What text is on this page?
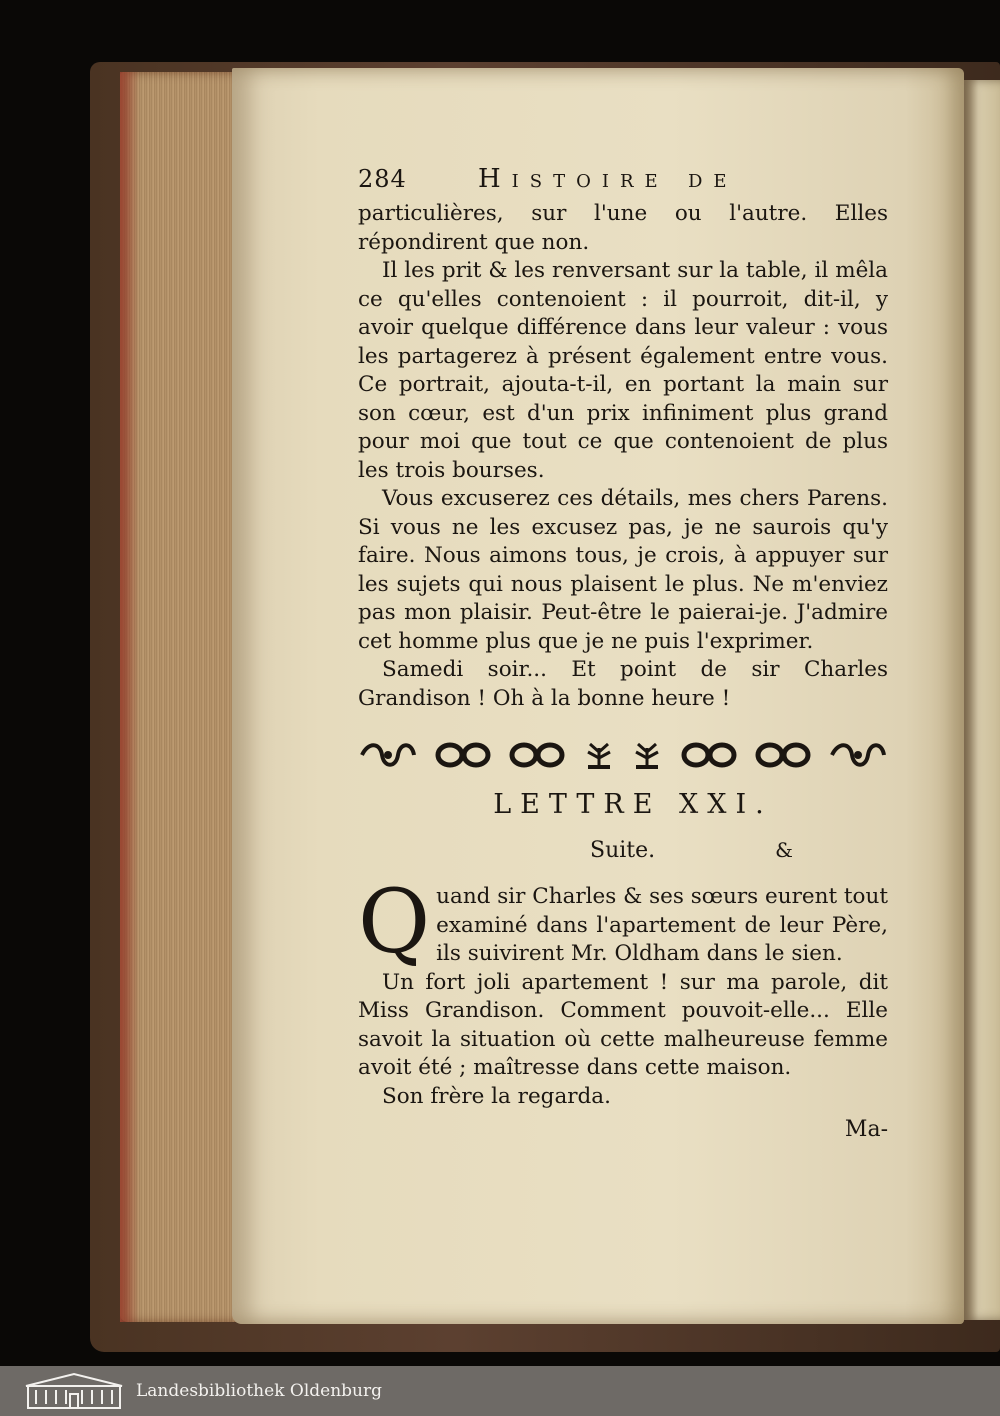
284	Histoire de

particulières, sur l'une ou l'autre. Elles répondirent que non.

Il les prit & les renversant sur la table, il mêla ce qu'elles contenoient : il pourroit, dit-il, y avoir quelque différence dans leur valeur : vous les partagerez à présent également entre vous. Ce portrait, ajouta-t-il, en portant la main sur son cœur, est d'un prix infiniment plus grand pour moi que tout ce que contenoient de plus les trois bourses.

Vous excuserez ces détails, mes chers Parens. Si vous ne les excusez pas, je ne saurois qu'y faire. Nous aimons tous, je crois, à appuyer sur les sujets qui nous plaisent le plus. Ne m'enviez pas mon plaisir. Peut-être le paierai-je. J'admire cet homme plus que je ne puis l'exprimer.

Samedi soir... Et point de sir Charles Grandison ! Oh à la bonne heure !

LETTRE XXI.
Suite.	&
Q uand sir Charles & ses sœurs eurent tout examiné dans l'apartement de leur Père, ils suivirent Mr. Oldham dans le sien.

Un fort joli apartement ! sur ma parole, dit Miss Grandison. Comment pouvoit-elle... Elle savoit la situation où cette malheureuse femme avoit été ; maîtresse dans cette maison.

Son frère la regarda.

Ma-
Landesbibliothek Oldenburg
